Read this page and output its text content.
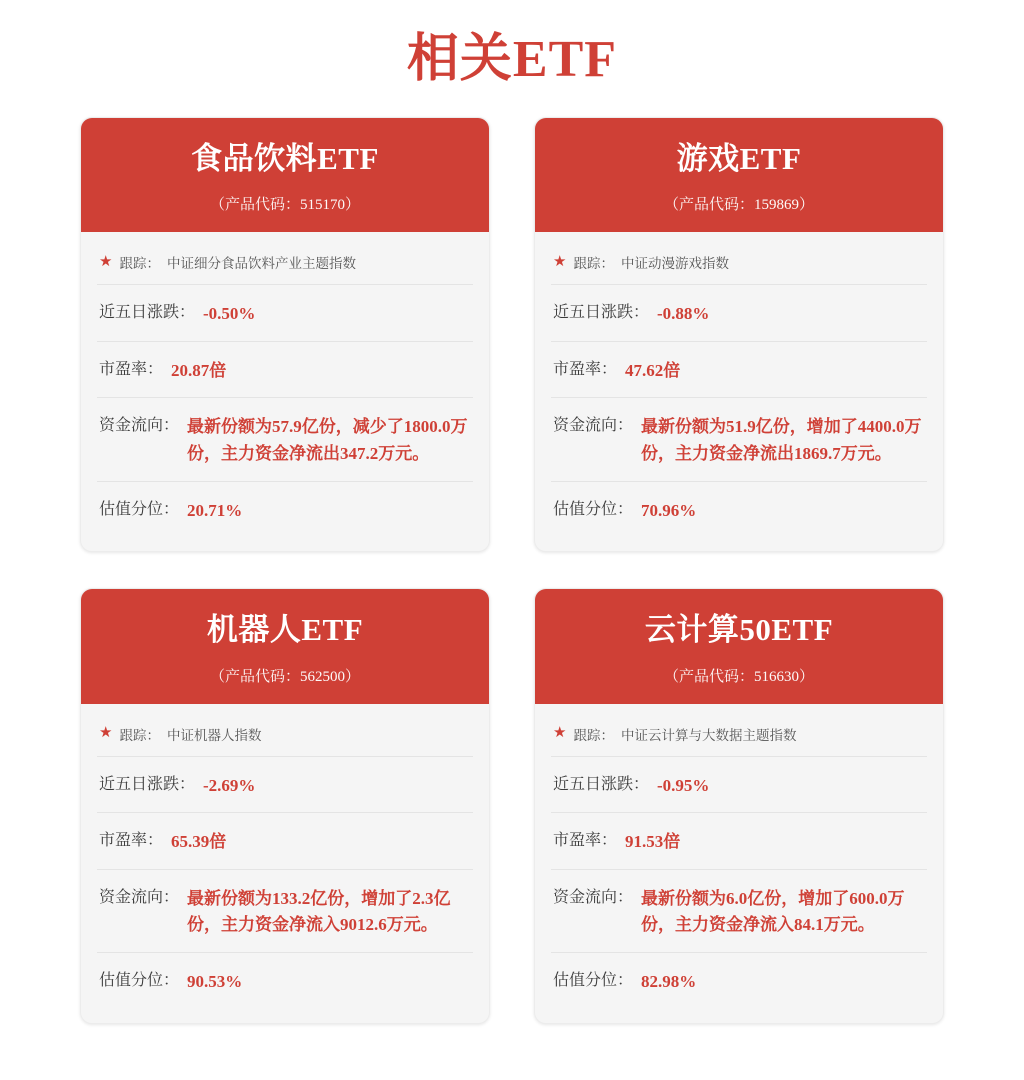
相关ETF
食品饮料ETF
（产品代码：515170）
★ 跟踪： 中证细分食品饮料产业主题指数
近五日涨跌： -0.50%
市盈率： 20.87倍
资金流向： 最新份额为57.9亿份，减少了1800.0万份，主力资金净流出347.2万元。
估值分位： 20.71%
游戏ETF
（产品代码：159869）
★ 跟踪： 中证动漫游戏指数
近五日涨跌： -0.88%
市盈率： 47.62倍
资金流向： 最新份额为51.9亿份，增加了4400.0万份，主力资金净流出1869.7万元。
估值分位： 70.96%
机器人ETF
（产品代码：562500）
★ 跟踪： 中证机器人指数
近五日涨跌： -2.69%
市盈率： 65.39倍
资金流向： 最新份额为133.2亿份，增加了2.3亿份，主力资金净流入9012.6万元。
估值分位： 90.53%
云计算50ETF
（产品代码：516630）
★ 跟踪： 中证云计算与大数据主题指数
近五日涨跌： -0.95%
市盈率： 91.53倍
资金流向： 最新份额为6.0亿份，增加了600.0万份，主力资金净流入84.1万元。
估值分位： 82.98%
